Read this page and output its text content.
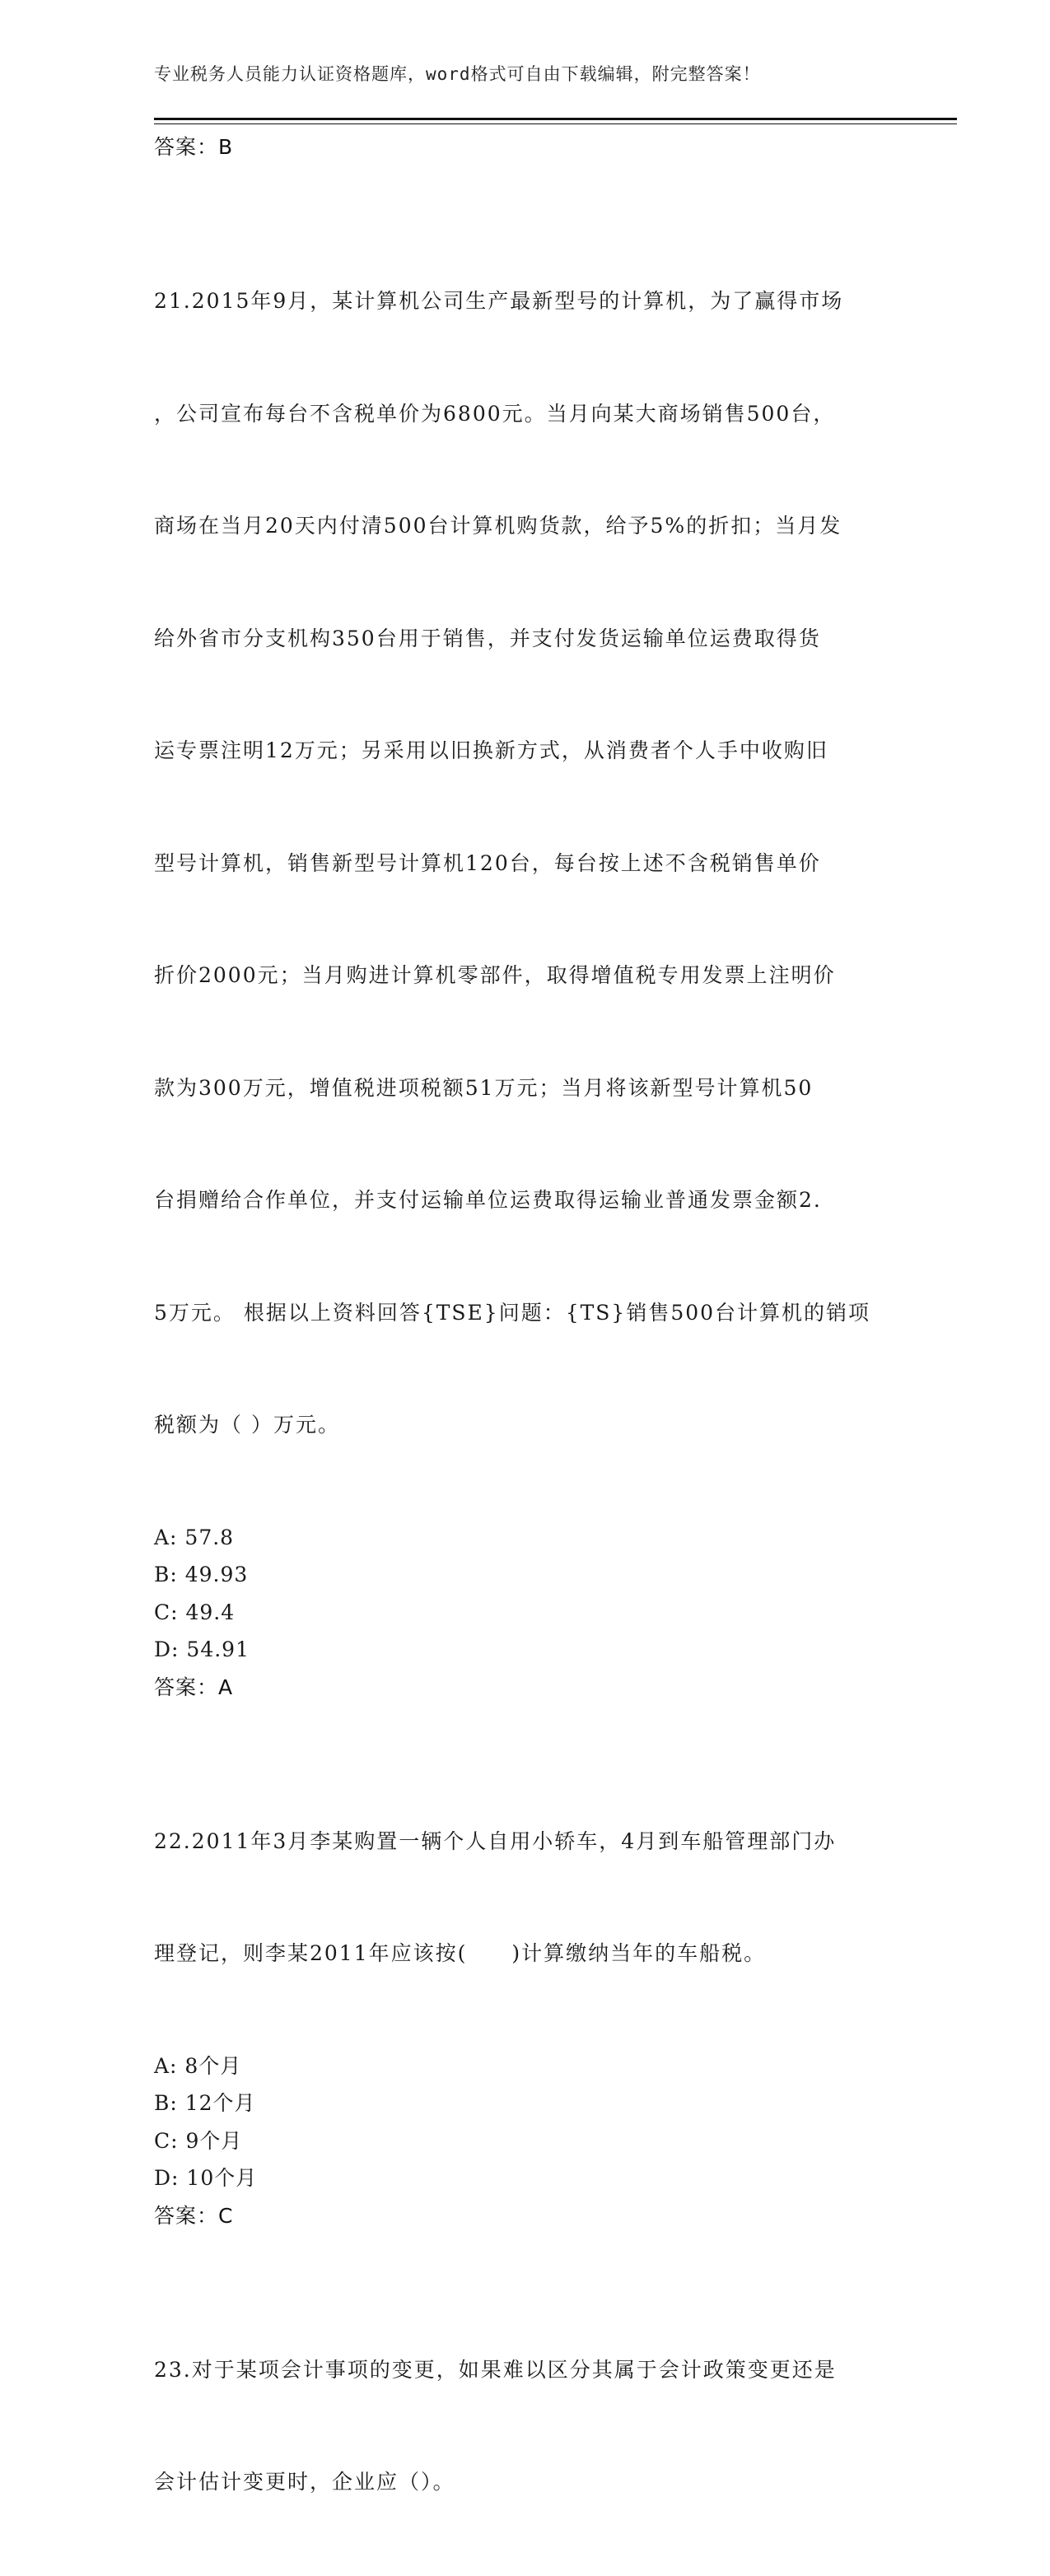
专业税务人员能力认证资格题库，word格式可自由下载编辑，附完整答案！
答案：B

21.2015年9月，某计算机公司生产最新型号的计算机，为了赢得市场

，公司宣布每台不含税单价为6800元。当月向某大商场销售500台，

商场在当月20天内付清500台计算机购货款，给予5%的折扣；当月发

给外省市分支机构350台用于销售，并支付发货运输单位运费取得货

运专票注明12万元；另采用以旧换新方式，从消费者个人手中收购旧

型号计算机，销售新型号计算机120台，每台按上述不含税销售单价

折价2000元；当月购进计算机零部件，取得增值税专用发票上注明价

款为300万元，增值税进项税额51万元；当月将该新型号计算机50

台捐赠给合作单位，并支付运输单位运费取得运输业普通发票金额2.

5万元。 根据以上资料回答{TSE}问题：{TS}销售500台计算机的销项

税额为（ ）万元。

A: 57.8
B: 49.93
C: 49.4
D: 54.91
答案：A

22.2011年3月李某购置一辆个人自用小轿车，4月到车船管理部门办

理登记，则李某2011年应该按(　　)计算缴纳当年的车船税。

A: 8个月
B: 12个月
C: 9个月
D: 10个月
答案：C

23.对于某项会计事项的变更，如果难以区分其属于会计政策变更还是

会计估计变更时，企业应（）。
